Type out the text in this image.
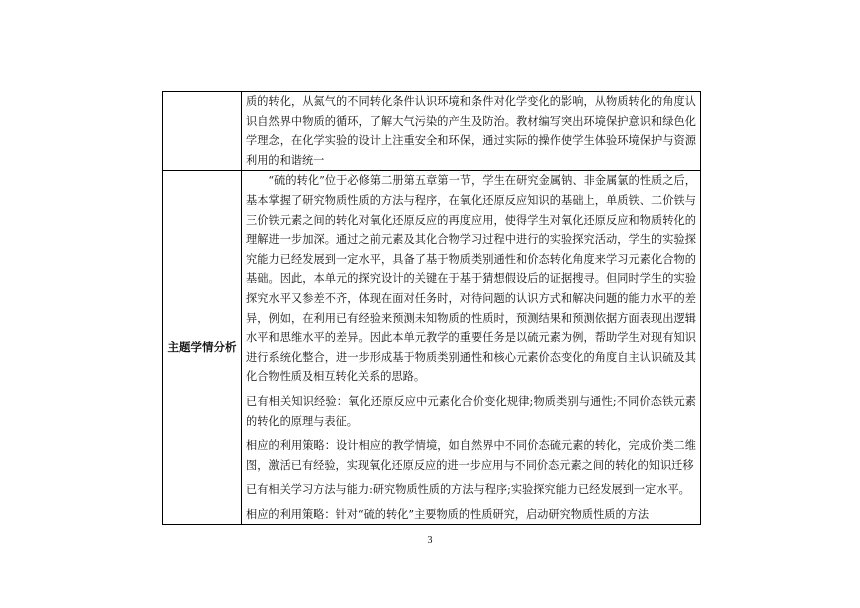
	质的转化，从氮气的不同转化条件认识环境和条件对化学变化的影响，从物质转化的角度认识自然界中物质的循环，了解大气污染的产生及防治。教材编写突出环境保护意识和绿色化学理念，在化学实验的设计上注重安全和环保，通过实际的操作使学生体验环境保护与资源利用的和谐统一

主题学情分析	“硫的转化”位于必修第二册第五章第一节，学生在研究金属钠、非金属氯的性质之后，基本掌握了研究物质性质的方法与程序，在氧化还原反应知识的基础上，单质铁、二价铁与三价铁元素之间的转化对氧化还原反应的再度应用，使得学生对氧化还原反应和物质转化的理解进一步加深。通过之前元素及其化合物学习过程中进行的实验探究活动，学生的实验探究能力已经发展到一定水平，具备了基于物质类别通性和价态转化角度来学习元素化合物的基础。因此，本单元的探究设计的关键在于基于猜想假设后的证据搜寻。但同时学生的实验探究水平又参差不齐，体现在面对任务时，对待问题的认识方式和解决问题的能力水平的差异，例如，在利用已有经验来预测未知物质的性质时，预测结果和预测依据方面表现出逻辑水平和思维水平的差异。因此本单元教学的重要任务是以硫元素为例，帮助学生对现有知识进行系统化整合，进一步形成基于物质类别通性和核心元素价态变化的角度自主认识硫及其化合物性质及相互转化关系的思路。

已有相关知识经验：氧化还原反应中元素化合价变化规律;物质类别与通性;不同价态铁元素的转化的原理与表征。

相应的利用策略：设计相应的教学情境，如自然界中不同价态硫元素的转化，完成价类二维图，激活已有经验，实现氧化还原反应的进一步应用与不同价态元素之间的转化的知识迁移

已有相关学习方法与能力:研究物质性质的方法与程序;实验探究能力已经发展到一定水平。

相应的利用策略：针对“硫的转化”主要物质的性质研究，启动研究物质性质的方法

3
